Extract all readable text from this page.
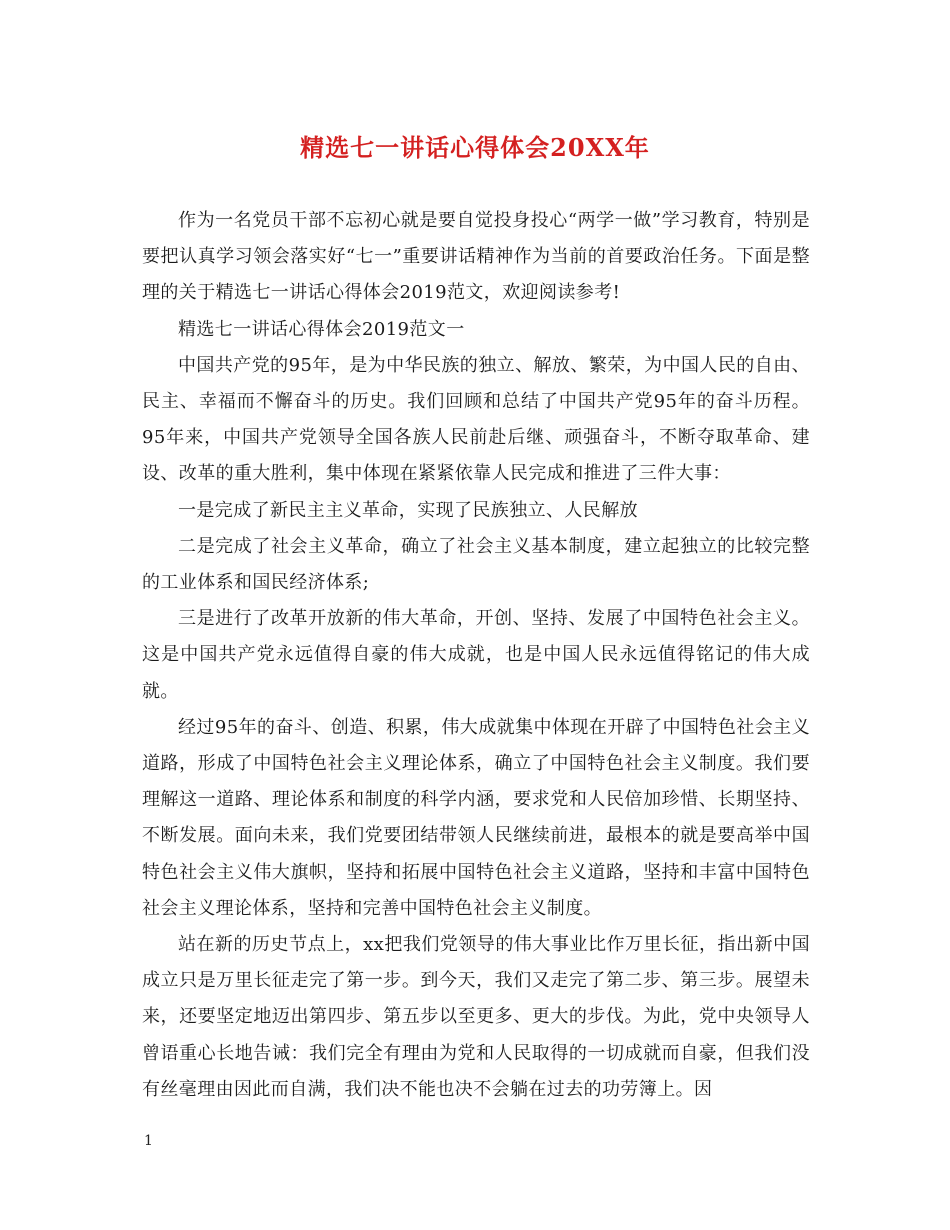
精选七一讲话心得体会20XX年

作为一名党员干部不忘初心就是要自觉投身投心“两学一做”学习教育，特别是要把认真学习领会落实好“七一”重要讲话精神作为当前的首要政治任务。下面是整理的关于精选七一讲话心得体会2019范文，欢迎阅读参考!

精选七一讲话心得体会2019范文一

中国共产党的95年，是为中华民族的独立、解放、繁荣，为中国人民的自由、民主、幸福而不懈奋斗的历史。我们回顾和总结了中国共产党95年的奋斗历程。95年来，中国共产党领导全国各族人民前赴后继、顽强奋斗，不断夺取革命、建设、改革的重大胜利，集中体现在紧紧依靠人民完成和推进了三件大事：

一是完成了新民主主义革命，实现了民族独立、人民解放

二是完成了社会主义革命，确立了社会主义基本制度，建立起独立的比较完整的工业体系和国民经济体系;

三是进行了改革开放新的伟大革命，开创、坚持、发展了中国特色社会主义。这是中国共产党永远值得自豪的伟大成就，也是中国人民永远值得铭记的伟大成就。

经过95年的奋斗、创造、积累，伟大成就集中体现在开辟了中国特色社会主义道路，形成了中国特色社会主义理论体系，确立了中国特色社会主义制度。我们要理解这一道路、理论体系和制度的科学内涵，要求党和人民倍加珍惜、长期坚持、不断发展。面向未来，我们党要团结带领人民继续前进，最根本的就是要高举中国特色社会主义伟大旗帜，坚持和拓展中国特色社会主义道路，坚持和丰富中国特色社会主义理论体系，坚持和完善中国特色社会主义制度。

站在新的历史节点上，xx把我们党领导的伟大事业比作万里长征，指出新中国成立只是万里长征走完了第一步。到今天，我们又走完了第二步、第三步。展望未来，还要坚定地迈出第四步、第五步以至更多、更大的步伐。为此，党中央领导人曾语重心长地告诫：我们完全有理由为党和人民取得的一切成就而自豪，但我们没有丝毫理由因此而自满，我们决不能也决不会躺在过去的功劳簿上。因

1
